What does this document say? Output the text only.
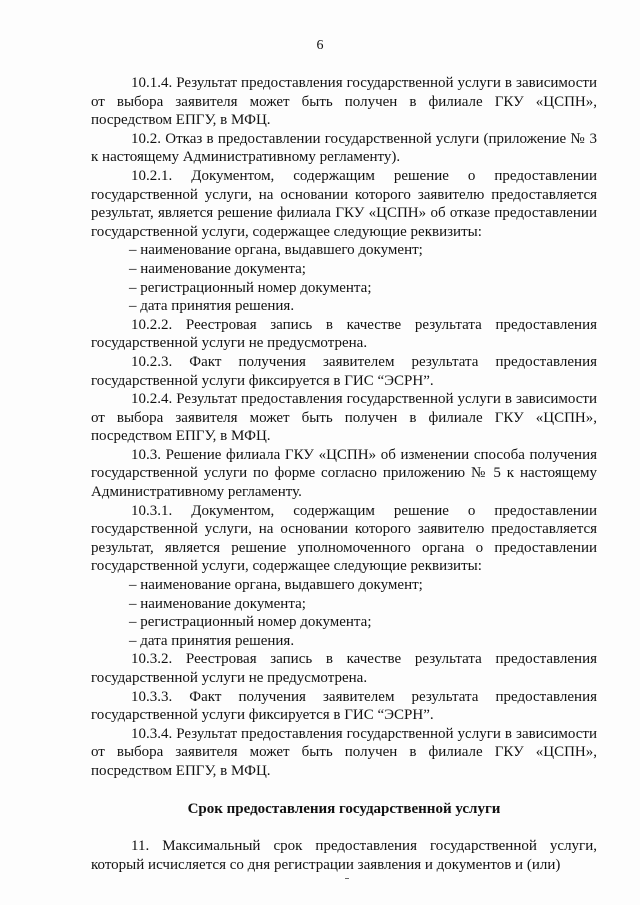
6

10.1.4. Результат предоставления государственной услуги в зависимости от выбора заявителя может быть получен в филиале ГКУ «ЦСПН», посредством ЕПГУ, в МФЦ.

10.2. Отказ в предоставлении государственной услуги (приложение № 3 к настоящему Административному регламенту).

10.2.1. Документом, содержащим решение о предоставлении государственной услуги, на основании которого заявителю предоставляется результат, является решение филиала ГКУ «ЦСПН» об отказе предоставлении государственной услуги, содержащее следующие реквизиты:

– наименование органа, выдавшего документ;

– наименование документа;

– регистрационный номер документа;

– дата принятия решения.

10.2.2. Реестровая запись в качестве результата предоставления государственной услуги не предусмотрена.

10.2.3. Факт получения заявителем результата предоставления государственной услуги фиксируется в ГИС “ЭСРН”.

10.2.4. Результат предоставления государственной услуги в зависимости от выбора заявителя может быть получен в филиале ГКУ «ЦСПН», посредством ЕПГУ, в МФЦ.

10.3. Решение филиала ГКУ «ЦСПН» об изменении способа получения государственной услуги по форме согласно приложению № 5 к настоящему Административному регламенту.

10.3.1. Документом, содержащим решение о предоставлении государственной услуги, на основании которого заявителю предоставляется результат, является решение уполномоченного органа о предоставлении государственной услуги, содержащее следующие реквизиты:

– наименование органа, выдавшего документ;

– наименование документа;

– регистрационный номер документа;

– дата принятия решения.

10.3.2. Реестровая запись в качестве результата предоставления государственной услуги не предусмотрена.

10.3.3. Факт получения заявителем результата предоставления государственной услуги фиксируется в ГИС “ЭСРН”.

10.3.4. Результат предоставления государственной услуги в зависимости от выбора заявителя может быть получен в филиале ГКУ «ЦСПН», посредством ЕПГУ, в МФЦ.

Срок предоставления государственной услуги

11. Максимальный срок предоставления государственной услуги, который исчисляется со дня регистрации заявления и документов и (или)
